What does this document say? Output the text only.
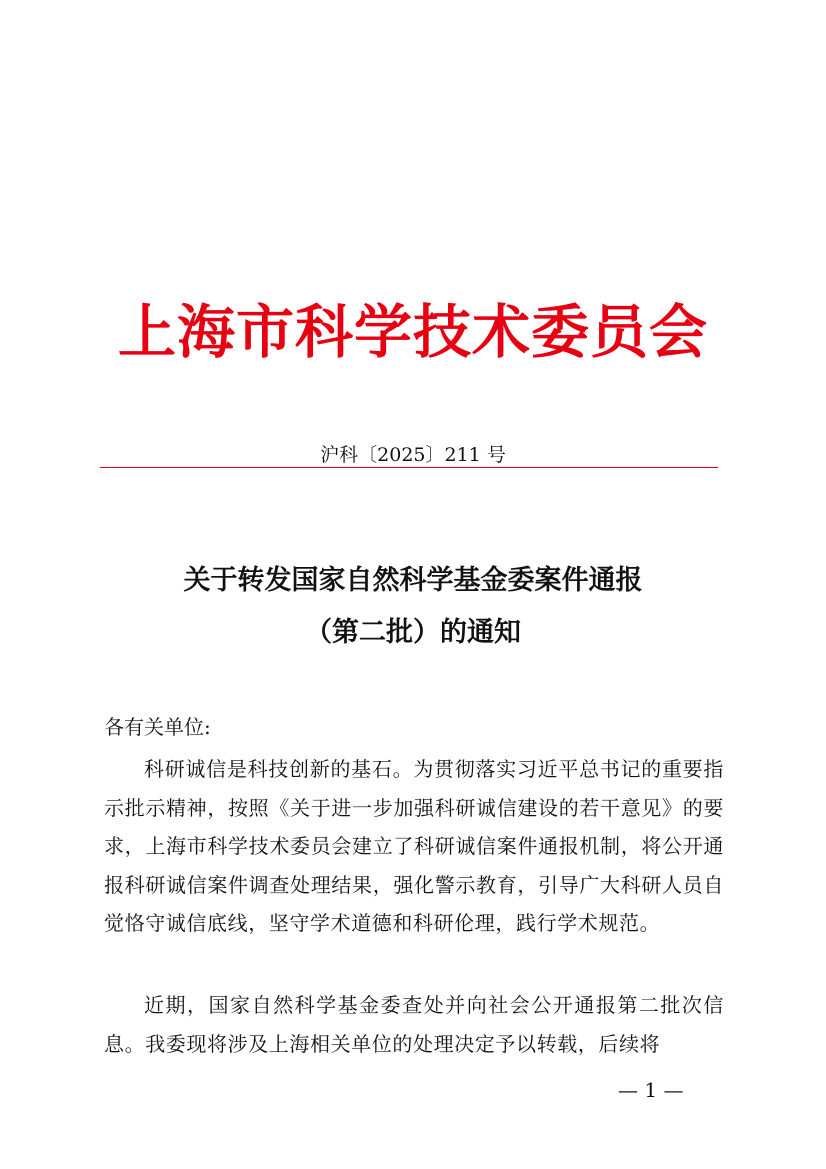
上海市科学技术委员会
沪科〔2025〕211 号
关于转发国家自然科学基金委案件通报
（第二批）的通知
各有关单位:
科研诚信是科技创新的基石。为贯彻落实习近平总书记的重要指示批示精神，按照《关于进一步加强科研诚信建设的若干意见》的要求，上海市科学技术委员会建立了科研诚信案件通报机制，将公开通报科研诚信案件调查处理结果，强化警示教育，引导广大科研人员自觉恪守诚信底线，坚守学术道德和科研伦理，践行学术规范。
近期，国家自然科学基金委查处并向社会公开通报第二批次信息。我委现将涉及上海相关单位的处理决定予以转载，后续将
— 1 —
